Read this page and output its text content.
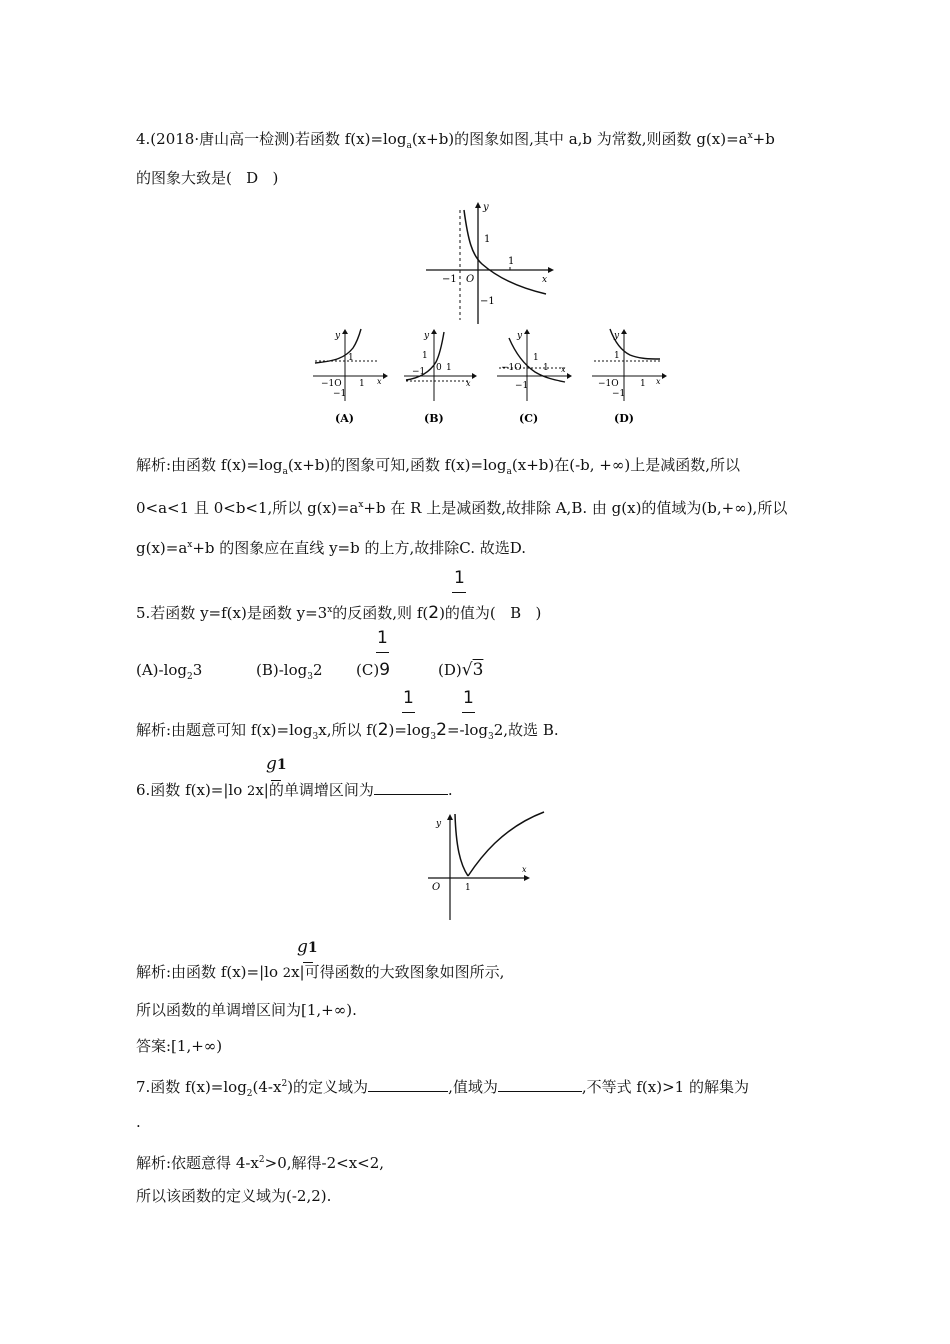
4.(2018·唐山高一检测)若函数 $f(x)=\log_a(x+b)$的图象如图,其中 a,b 为常数,则函数 $g(x)=a^x+b$
的图象大致是( D )
y
1
1
x
−1 O
−1
y
1
−1O 1
−1
x
(A)
y
1
0 1
−1
x
(B)
y
1
−1O 1
−1
x
(C)
y
1
−1O 1
−1
x
(D)
解析:由函数 $f(x)=\log_a(x+b)$的图象可知,函数 $f(x)=\log_a(x+b)$在(-b, +∞)上是减函数,所以
0<a<1 且 0<b<1,所以 $g(x)=a^x+b$ 在 R 上是减函数,故排除 A,B. 由 g(x)的值域为(b,+∞),所以
$g(x)=a^x+b$ 的图象应在直线 y=b 的上方,故排除C. 故选D.
1
5.若函数 y=f(x)是函数 $y=3^x$的反函数,则 f(2)的值为( B )
$(A)-\log_23$	$(B)-\log_32$ (C)9	(D)√3
1
1	1
解析:由题意可知 $f(x)=\log_3x$,所以 $f(2)=\log_32=-\log_32$,故选 B.
g1
6.函数 f(x)=|lo 2x|的单调增区间为	.
y
x
O	1
g1
解析:由函数 f(x)=|lo 2x|可得函数的大致图象如图所示,
所以函数的单调增区间为[1,+∞).
答案:[1,+∞)
7.函数 $f(x)=\log_2(4-x^2)$的定义域为	,值域为	,不等式 f(x)>1 的解集为
.
解析:依题意得 $4-x^2>0$,解得-2<x<2,
所以该函数的定义域为(-2,2).
